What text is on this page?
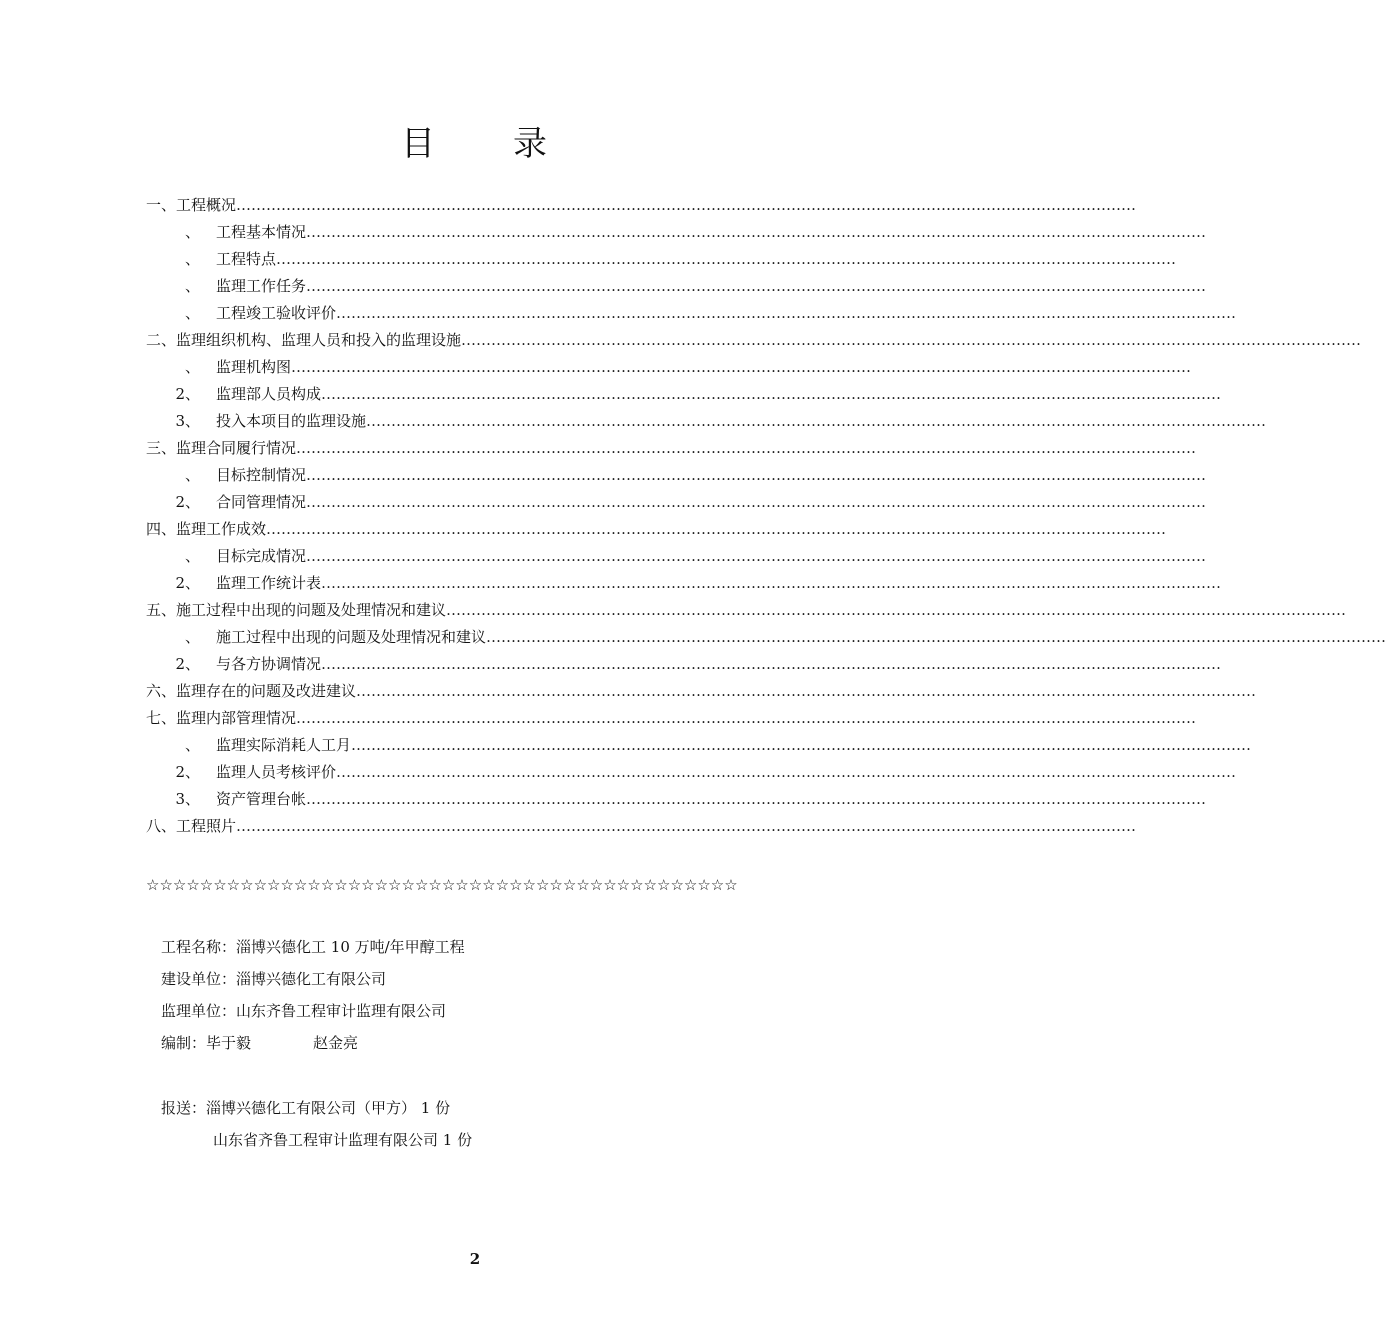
目 录
一、工程概况………………………………………………………………………………………………………………………………………………………………
、 工程基本情况………………………………………………………………………………………………………………………………………………………………
、 工程特点………………………………………………………………………………………………………………………………………………………………
、 监理工作任务………………………………………………………………………………………………………………………………………………………………
、 工程竣工验收评价………………………………………………………………………………………………………………………………………………………………
二、监理组织机构、监理人员和投入的监理设施………………………………………………………………………………………………………………………………………………………………
、 监理机构图………………………………………………………………………………………………………………………………………………………………
2、 监理部人员构成………………………………………………………………………………………………………………………………………………………………
3、 投入本项目的监理设施………………………………………………………………………………………………………………………………………………………………
三、监理合同履行情况………………………………………………………………………………………………………………………………………………………………
、 目标控制情况………………………………………………………………………………………………………………………………………………………………
2、 合同管理情况………………………………………………………………………………………………………………………………………………………………
四、监理工作成效………………………………………………………………………………………………………………………………………………………………
、 目标完成情况………………………………………………………………………………………………………………………………………………………………
2、 监理工作统计表………………………………………………………………………………………………………………………………………………………………
五、施工过程中出现的问题及处理情况和建议………………………………………………………………………………………………………………………………………………………………
、 施工过程中出现的问题及处理情况和建议………………………………………………………………………………………………………………………………………………………………
2、 与各方协调情况………………………………………………………………………………………………………………………………………………………………
六、监理存在的问题及改进建议………………………………………………………………………………………………………………………………………………………………
七、监理内部管理情况………………………………………………………………………………………………………………………………………………………………
、 监理实际消耗人工月………………………………………………………………………………………………………………………………………………………………
2、 监理人员考核评价………………………………………………………………………………………………………………………………………………………………
3、 资产管理台帐………………………………………………………………………………………………………………………………………………………………
八、工程照片………………………………………………………………………………………………………………………………………………………………
☆☆☆☆☆☆☆☆☆☆☆☆☆☆☆☆☆☆☆☆☆☆☆☆☆☆☆☆☆☆☆☆☆☆☆☆☆☆☆☆☆☆☆☆
工程名称：淄博兴德化工 10 万吨/年甲醇工程
建设单位：淄博兴德化工有限公司
监理单位：山东齐鲁工程审计监理有限公司
编制：毕于毅	赵金亮
报送：淄博兴德化工有限公司（甲方） 1 份
山东省齐鲁工程审计监理有限公司 1 份
2
